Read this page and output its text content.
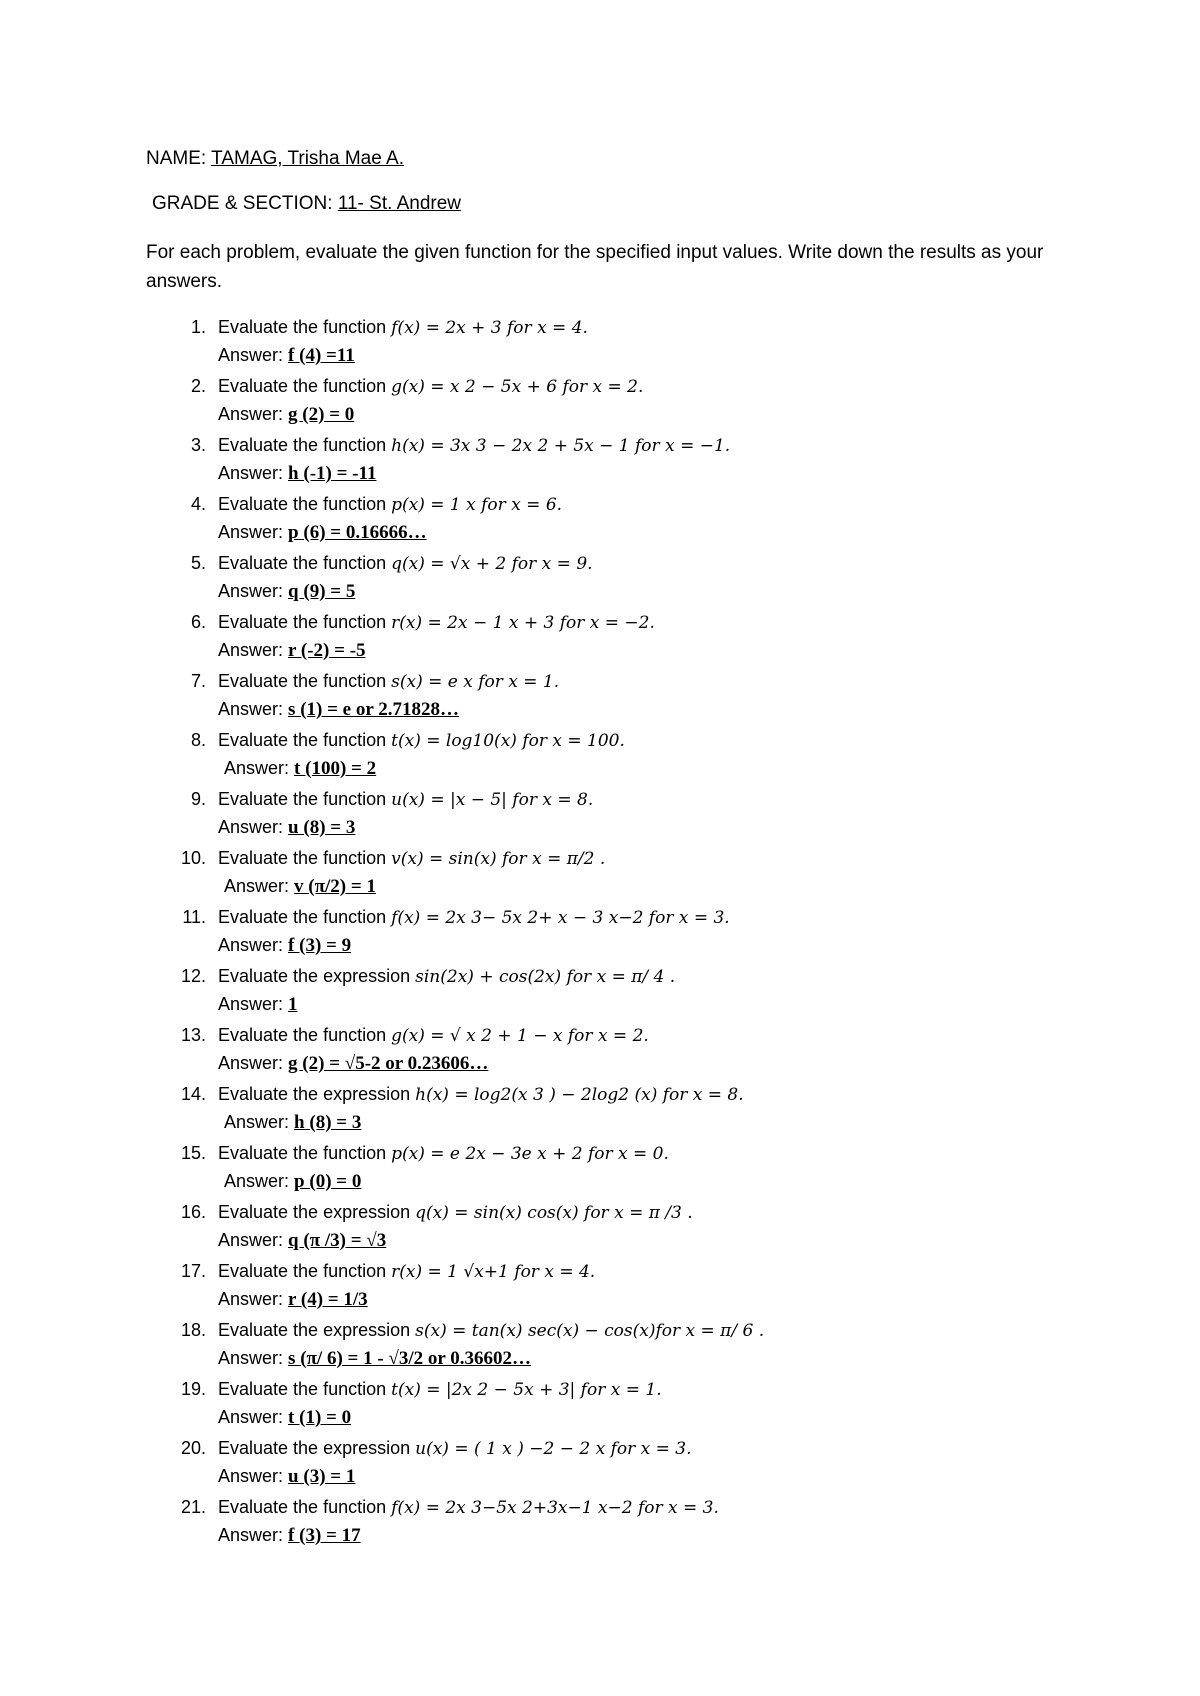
NAME: TAMAG, Trisha Mae A.
GRADE & SECTION: 11- St. Andrew
For each problem, evaluate the given function for the specified input values. Write down the results as your answers.
1. Evaluate the function f(x) = 2x + 3 for x = 4.
Answer: f (4) =11
2. Evaluate the function g(x) = x 2 − 5x + 6 for x = 2.
Answer: g (2) = 0
3. Evaluate the function h(x) = 3x 3 − 2x 2 + 5x − 1 for x = −1.
Answer: h (-1) = -11
4. Evaluate the function p(x) = 1 x for x = 6.
Answer: p (6) = 0.16666…
5. Evaluate the function q(x) = √x + 2 for x = 9.
Answer: q (9) = 5
6. Evaluate the function r(x) = 2x − 1 x + 3 for x = −2.
Answer: r (-2) = -5
7. Evaluate the function s(x) = e x for x = 1.
Answer: s (1) = e or 2.71828…
8. Evaluate the function t(x) = log10(x) for x = 100.
Answer: t (100) = 2
9. Evaluate the function u(x) = |x − 5| for x = 8.
Answer: u (8) = 3
10. Evaluate the function v(x) = sin(x) for x = π/2 .
Answer: v (π/2) = 1
11. Evaluate the function f(x) = 2x 3− 5x 2+ x − 3 x−2 for x = 3.
Answer: f (3) = 9
12. Evaluate the expression sin(2x) + cos(2x) for x = π/ 4 .
Answer: 1
13. Evaluate the function g(x) = √ x 2 + 1 − x for x = 2.
Answer: g (2) = √5-2 or 0.23606…
14. Evaluate the expression h(x) = log2(x 3 ) − 2log2 (x) for x = 8.
Answer: h (8) = 3
15. Evaluate the function p(x) = e 2x − 3e x + 2 for x = 0.
Answer: p (0) = 0
16. Evaluate the expression q(x) = sin(x) cos(x) for x = π /3 .
Answer: q (π /3) = √3
17. Evaluate the function r(x) = 1 √x+1 for x = 4.
Answer: r (4) = 1/3
18. Evaluate the expression s(x) = tan(x) sec(x) − cos(x)for x = π/ 6 .
Answer: s (π/ 6) = 1 - √3/2 or 0.36602…
19. Evaluate the function t(x) = |2x 2 − 5x + 3| for x = 1.
Answer: t (1) = 0
20. Evaluate the expression u(x) = ( 1 x ) −2 − 2 x for x = 3.
Answer: u (3) = 1
21. Evaluate the function f(x) = 2x 3−5x 2+3x−1 x−2 for x = 3.
Answer: f (3) = 17
